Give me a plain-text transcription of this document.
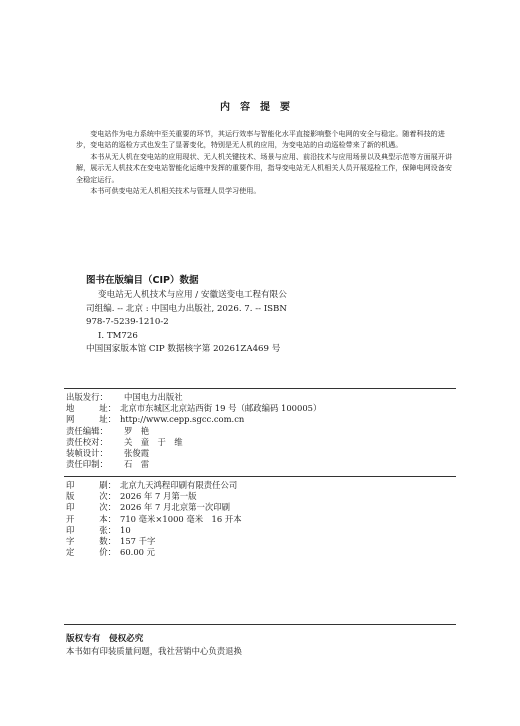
内容提要

变电站作为电力系统中至关重要的环节，其运行效率与智能化水平直接影响整个电网的安全与稳定。随着科技的进步，变电站的巡检方式也发生了显著变化，特别是无人机的应用，为变电站的自动巡检带来了新的机遇。

本书从无人机在变电站的应用现状、无人机关键技术、场景与应用、前沿技术与应用场景以及典型示范等方面展开讲解，展示无人机技术在变电站智能化运维中发挥的重要作用，指导变电站无人机相关人员开展巡检工作，保障电网设备安全稳定运行。

本书可供变电站无人机相关技术与管理人员学习使用。

图书在版编目（CIP）数据
变电站无人机技术与应用 / 安徽送变电工程有限公
司组编. -- 北京 : 中国电力出版社, 2026. 7. -- ISBN
978-7-5239-1210-2
Ⅰ. TM726
中国国家版本馆 CIP 数据核字第 20261ZA469 号
出版发行：	中国电力出版社
地	址： 北京市东城区北京站西街 19 号（邮政编码 100005）
网	址： http://www.cepp.sgcc.com.cn
责任编辑：	罗　艳
责任校对：	关　童　于　维
装帧设计：	张俊霞
责任印制：	石　雷
印	刷： 北京九天鸿程印刷有限责任公司
版	次： 2026 年 7 月第一版
印	次： 2026 年 7 月北京第一次印刷
开	本： 710 毫米×1000 毫米　16 开本
印	张： 10
字	数： 157 千字
定	价： 60.00 元
版权专有　侵权必究
本书如有印装质量问题，我社营销中心负责退换
